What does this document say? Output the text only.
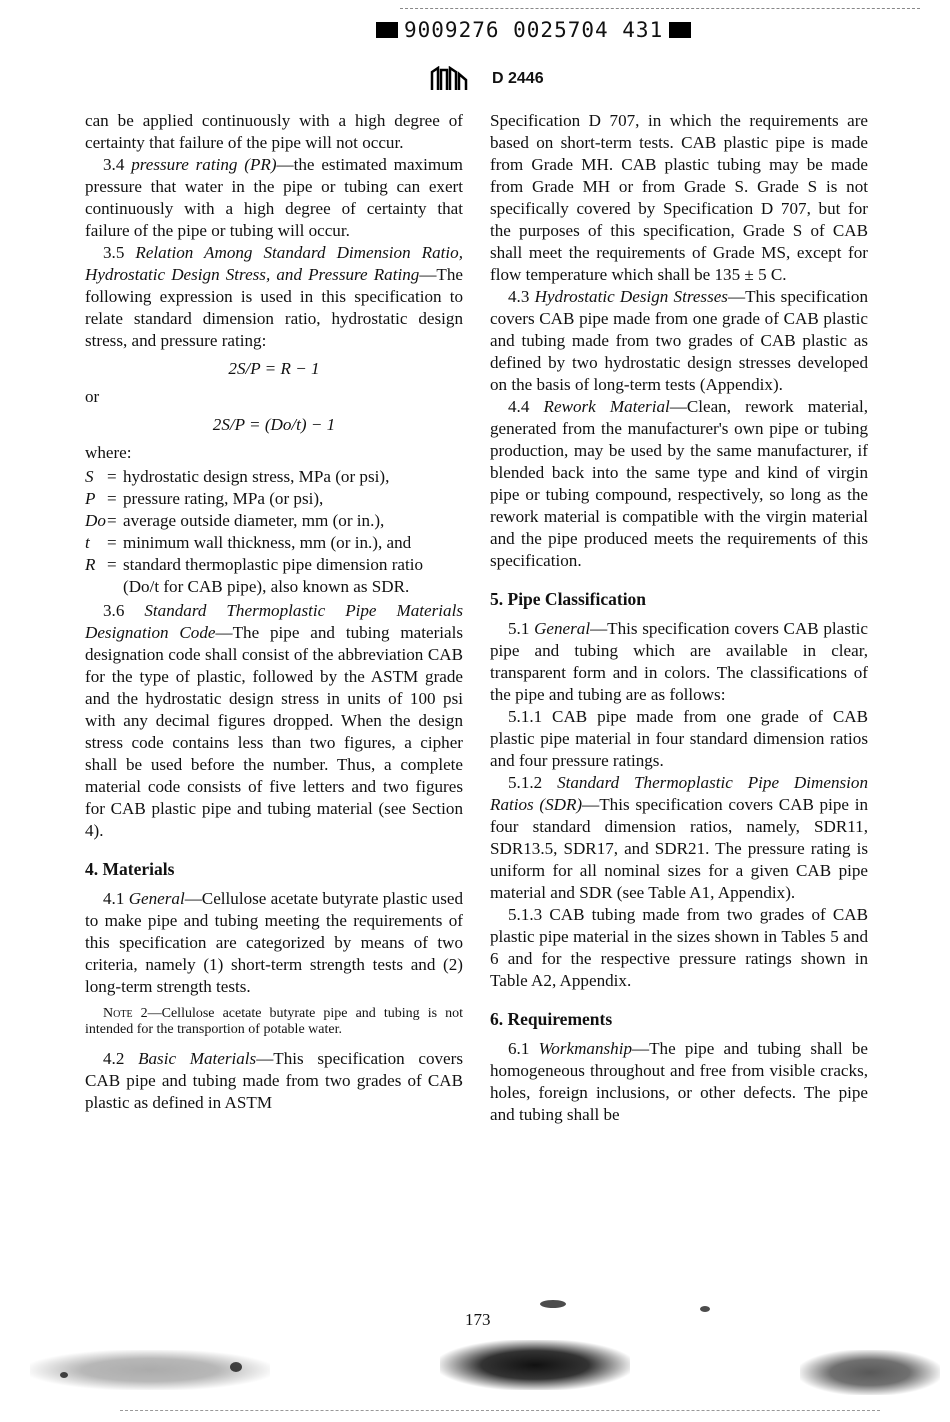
9009276 0025704 431
D 2446

can be applied continuously with a high degree of certainty that failure of the pipe will not occur.

3.4 pressure rating (PR)—the estimated maximum pressure that water in the pipe or tubing can exert continuously with a high degree of certainty that failure of the pipe or tubing will occur.

3.5 Relation Among Standard Dimension Ratio, Hydrostatic Design Stress, and Pressure Rating—The following expression is used in this specification to relate standard dimension ratio, hydrostatic design stress, and pressure rating:

2S/P = R − 1

or

2S/P = (Do/t) − 1

where:

S = hydrostatic design stress, MPa (or psi),
P = pressure rating, MPa (or psi),
Do = average outside diameter, mm (or in.),
t	= minimum wall thickness, mm (or in.), and
R = standard thermoplastic pipe dimension ratio (Do/t for CAB pipe), also known as SDR.

3.6 Standard Thermoplastic Pipe Materials Designation Code—The pipe and tubing materials designation code shall consist of the abbreviation CAB for the type of plastic, followed by the ASTM grade and the hydrostatic design stress in units of 100 psi with any decimal figures dropped. When the design stress code contains less than two figures, a cipher shall be used before the number. Thus, a complete material code consists of five letters and two figures for CAB plastic pipe and tubing material (see Section 4).

4. Materials

4.1 General—Cellulose acetate butyrate plastic used to make pipe and tubing meeting the requirements of this specification are categorized by means of two criteria, namely (1) short-term strength tests and (2) long-term strength tests.

Note 2—Cellulose acetate butyrate pipe and tubing is not intended for the transportion of potable water.

4.2 Basic Materials—This specification covers CAB pipe and tubing made from two grades of CAB plastic as defined in ASTM

Specification D 707, in which the requirements are based on short-term tests. CAB plastic pipe is made from Grade MH. CAB plastic tubing may be made from Grade MH or from Grade S. Grade S is not specifically covered by Specification D 707, but for the purposes of this specification, Grade S of CAB shall meet the requirements of Grade MS, except for flow temperature which shall be 135 ± 5 C.

4.3 Hydrostatic Design Stresses—This specification covers CAB pipe made from one grade of CAB plastic and tubing made from two grades of CAB plastic as defined by two hydrostatic design stresses developed on the basis of long-term tests (Appendix).

4.4 Rework Material—Clean, rework material, generated from the manufacturer's own pipe or tubing production, may be used by the same manufacturer, if blended back into the same type and kind of virgin pipe or tubing compound, respectively, so long as the rework material is compatible with the virgin material and the pipe produced meets the requirements of this specification.

5. Pipe Classification

5.1 General—This specification covers CAB plastic pipe and tubing which are available in clear, transparent form and in colors. The classifications of the pipe and tubing are as follows:

5.1.1 CAB pipe made from one grade of CAB plastic pipe material in four standard dimension ratios and four pressure ratings.

5.1.2 Standard Thermoplastic Pipe Dimension Ratios (SDR)—This specification covers CAB pipe in four standard dimension ratios, namely, SDR11, SDR13.5, SDR17, and SDR21. The pressure rating is uniform for all nominal sizes for a given CAB pipe material and SDR (see Table A1, Appendix).

5.1.3 CAB tubing made from two grades of CAB plastic pipe material in the sizes shown in Tables 5 and 6 and for the respective pressure ratings shown in Table A2, Appendix.

6. Requirements

6.1 Workmanship—The pipe and tubing shall be homogeneous throughout and free from visible cracks, holes, foreign inclusions, or other defects. The pipe and tubing shall be

173
